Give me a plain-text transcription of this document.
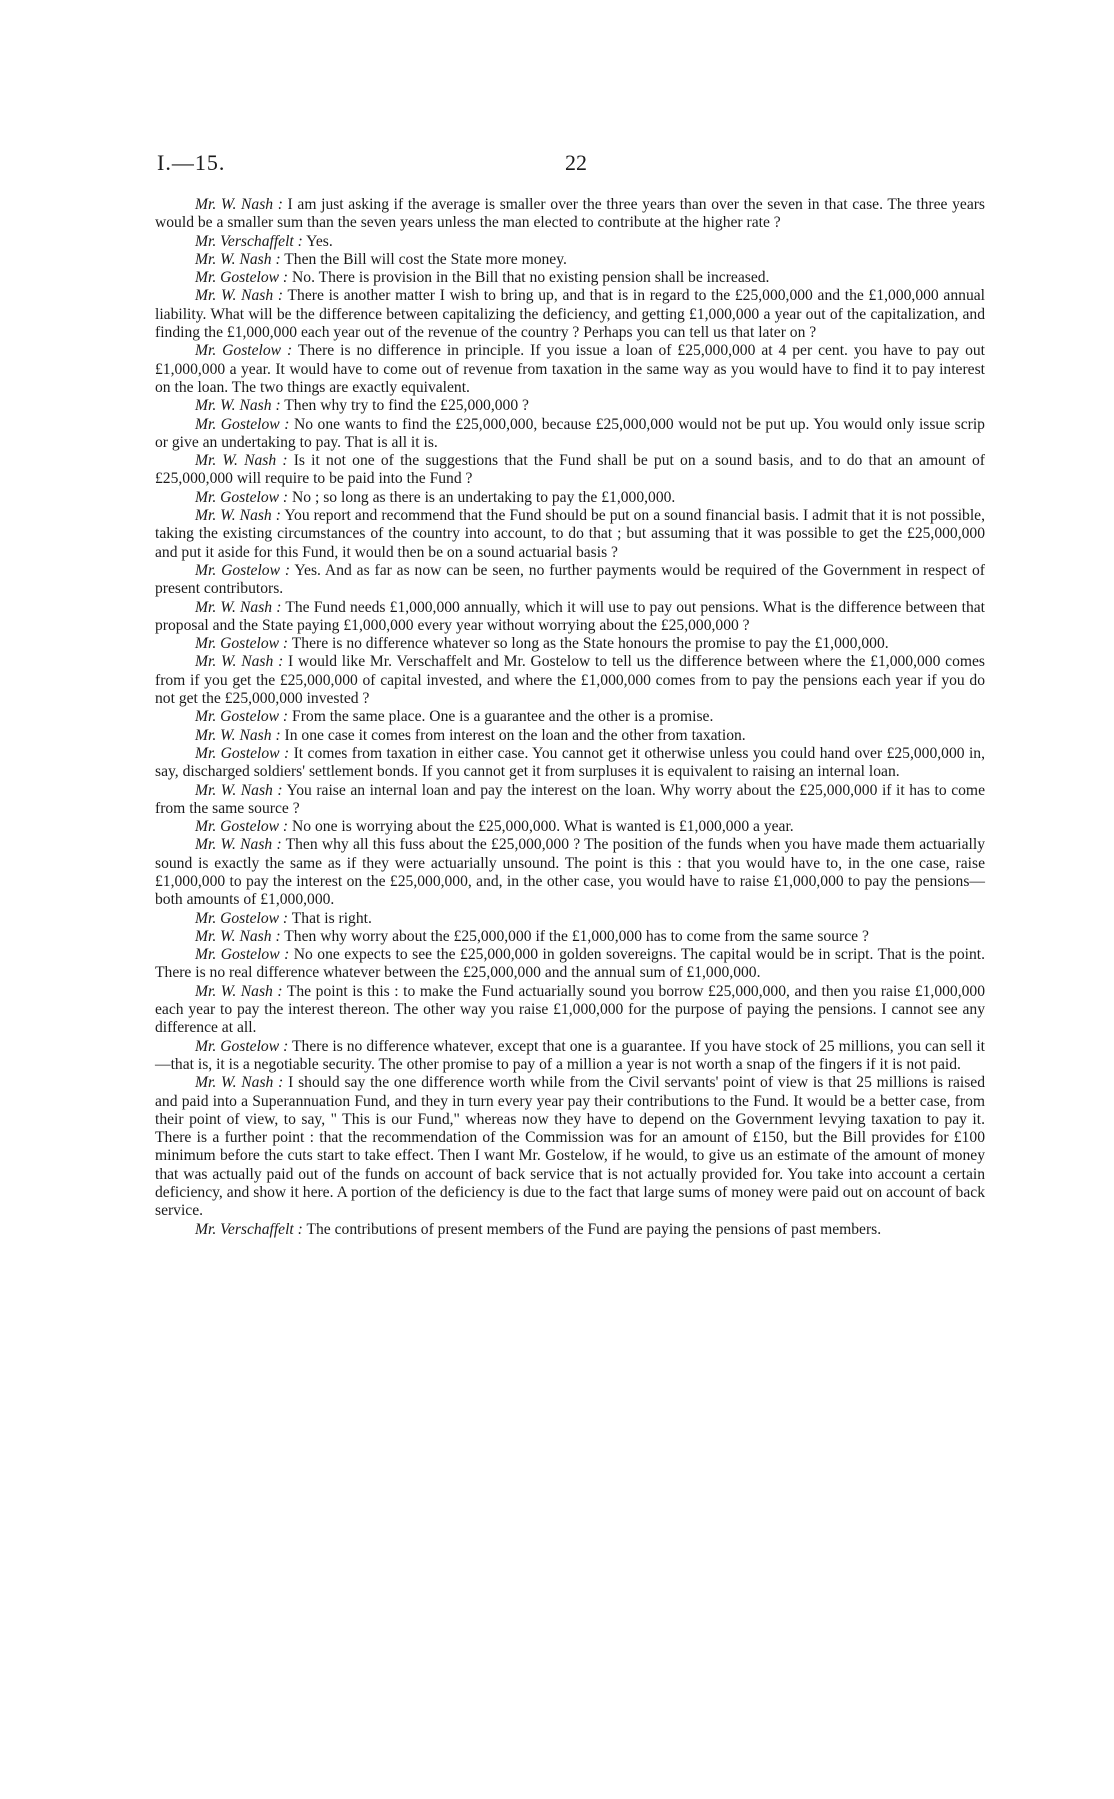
I.—15.	22

Mr. W. Nash : I am just asking if the average is smaller over the three years than over the seven in that case. The three years would be a smaller sum than the seven years unless the man elected to contribute at the higher rate ?

Mr. Verschaffelt : Yes.

Mr. W. Nash : Then the Bill will cost the State more money.

Mr. Gostelow : No. There is provision in the Bill that no existing pension shall be increased.

Mr. W. Nash : There is another matter I wish to bring up, and that is in regard to the £25,000,000 and the £1,000,000 annual liability. What will be the difference between capitalizing the deficiency, and getting £1,000,000 a year out of the capitalization, and finding the £1,000,000 each year out of the revenue of the country ? Perhaps you can tell us that later on ?

Mr. Gostelow : There is no difference in principle. If you issue a loan of £25,000,000 at 4 per cent. you have to pay out £1,000,000 a year. It would have to come out of revenue from taxation in the same way as you would have to find it to pay interest on the loan. The two things are exactly equivalent.

Mr. W. Nash : Then why try to find the £25,000,000 ?

Mr. Gostelow : No one wants to find the £25,000,000, because £25,000,000 would not be put up. You would only issue scrip or give an undertaking to pay. That is all it is.

Mr. W. Nash : Is it not one of the suggestions that the Fund shall be put on a sound basis, and to do that an amount of £25,000,000 will require to be paid into the Fund ?

Mr. Gostelow : No ; so long as there is an undertaking to pay the £1,000,000.

Mr. W. Nash : You report and recommend that the Fund should be put on a sound financial basis. I admit that it is not possible, taking the existing circumstances of the country into account, to do that ; but assuming that it was possible to get the £25,000,000 and put it aside for this Fund, it would then be on a sound actuarial basis ?

Mr. Gostelow : Yes. And as far as now can be seen, no further payments would be required of the Government in respect of present contributors.

Mr. W. Nash : The Fund needs £1,000,000 annually, which it will use to pay out pensions. What is the difference between that proposal and the State paying £1,000,000 every year without worrying about the £25,000,000 ?

Mr. Gostelow : There is no difference whatever so long as the State honours the promise to pay the £1,000,000.

Mr. W. Nash : I would like Mr. Verschaffelt and Mr. Gostelow to tell us the difference between where the £1,000,000 comes from if you get the £25,000,000 of capital invested, and where the £1,000,000 comes from to pay the pensions each year if you do not get the £25,000,000 invested ?

Mr. Gostelow : From the same place. One is a guarantee and the other is a promise.

Mr. W. Nash : In one case it comes from interest on the loan and the other from taxation.

Mr. Gostelow : It comes from taxation in either case. You cannot get it otherwise unless you could hand over £25,000,000 in, say, discharged soldiers' settlement bonds. If you cannot get it from surpluses it is equivalent to raising an internal loan.

Mr. W. Nash : You raise an internal loan and pay the interest on the loan. Why worry about the £25,000,000 if it has to come from the same source ?

Mr. Gostelow : No one is worrying about the £25,000,000. What is wanted is £1,000,000 a year.

Mr. W. Nash : Then why all this fuss about the £25,000,000 ? The position of the funds when you have made them actuarially sound is exactly the same as if they were actuarially unsound. The point is this : that you would have to, in the one case, raise £1,000,000 to pay the interest on the £25,000,000, and, in the other case, you would have to raise £1,000,000 to pay the pensions—both amounts of £1,000,000.

Mr. Gostelow : That is right.

Mr. W. Nash : Then why worry about the £25,000,000 if the £1,000,000 has to come from the same source ?

Mr. Gostelow : No one expects to see the £25,000,000 in golden sovereigns. The capital would be in script. That is the point. There is no real difference whatever between the £25,000,000 and the annual sum of £1,000,000.

Mr. W. Nash : The point is this : to make the Fund actuarially sound you borrow £25,000,000, and then you raise £1,000,000 each year to pay the interest thereon. The other way you raise £1,000,000 for the purpose of paying the pensions. I cannot see any difference at all.

Mr. Gostelow : There is no difference whatever, except that one is a guarantee. If you have stock of 25 millions, you can sell it—that is, it is a negotiable security. The other promise to pay of a million a year is not worth a snap of the fingers if it is not paid.

Mr. W. Nash : I should say the one difference worth while from the Civil servants' point of view is that 25 millions is raised and paid into a Superannuation Fund, and they in turn every year pay their contributions to the Fund. It would be a better case, from their point of view, to say, " This is our Fund," whereas now they have to depend on the Government levying taxation to pay it. There is a further point : that the recommendation of the Commission was for an amount of £150, but the Bill provides for £100 minimum before the cuts start to take effect. Then I want Mr. Gostelow, if he would, to give us an estimate of the amount of money that was actually paid out of the funds on account of back service that is not actually provided for. You take into account a certain deficiency, and show it here. A portion of the deficiency is due to the fact that large sums of money were paid out on account of back service.

Mr. Verschaffelt : The contributions of present members of the Fund are paying the pensions of past members.
